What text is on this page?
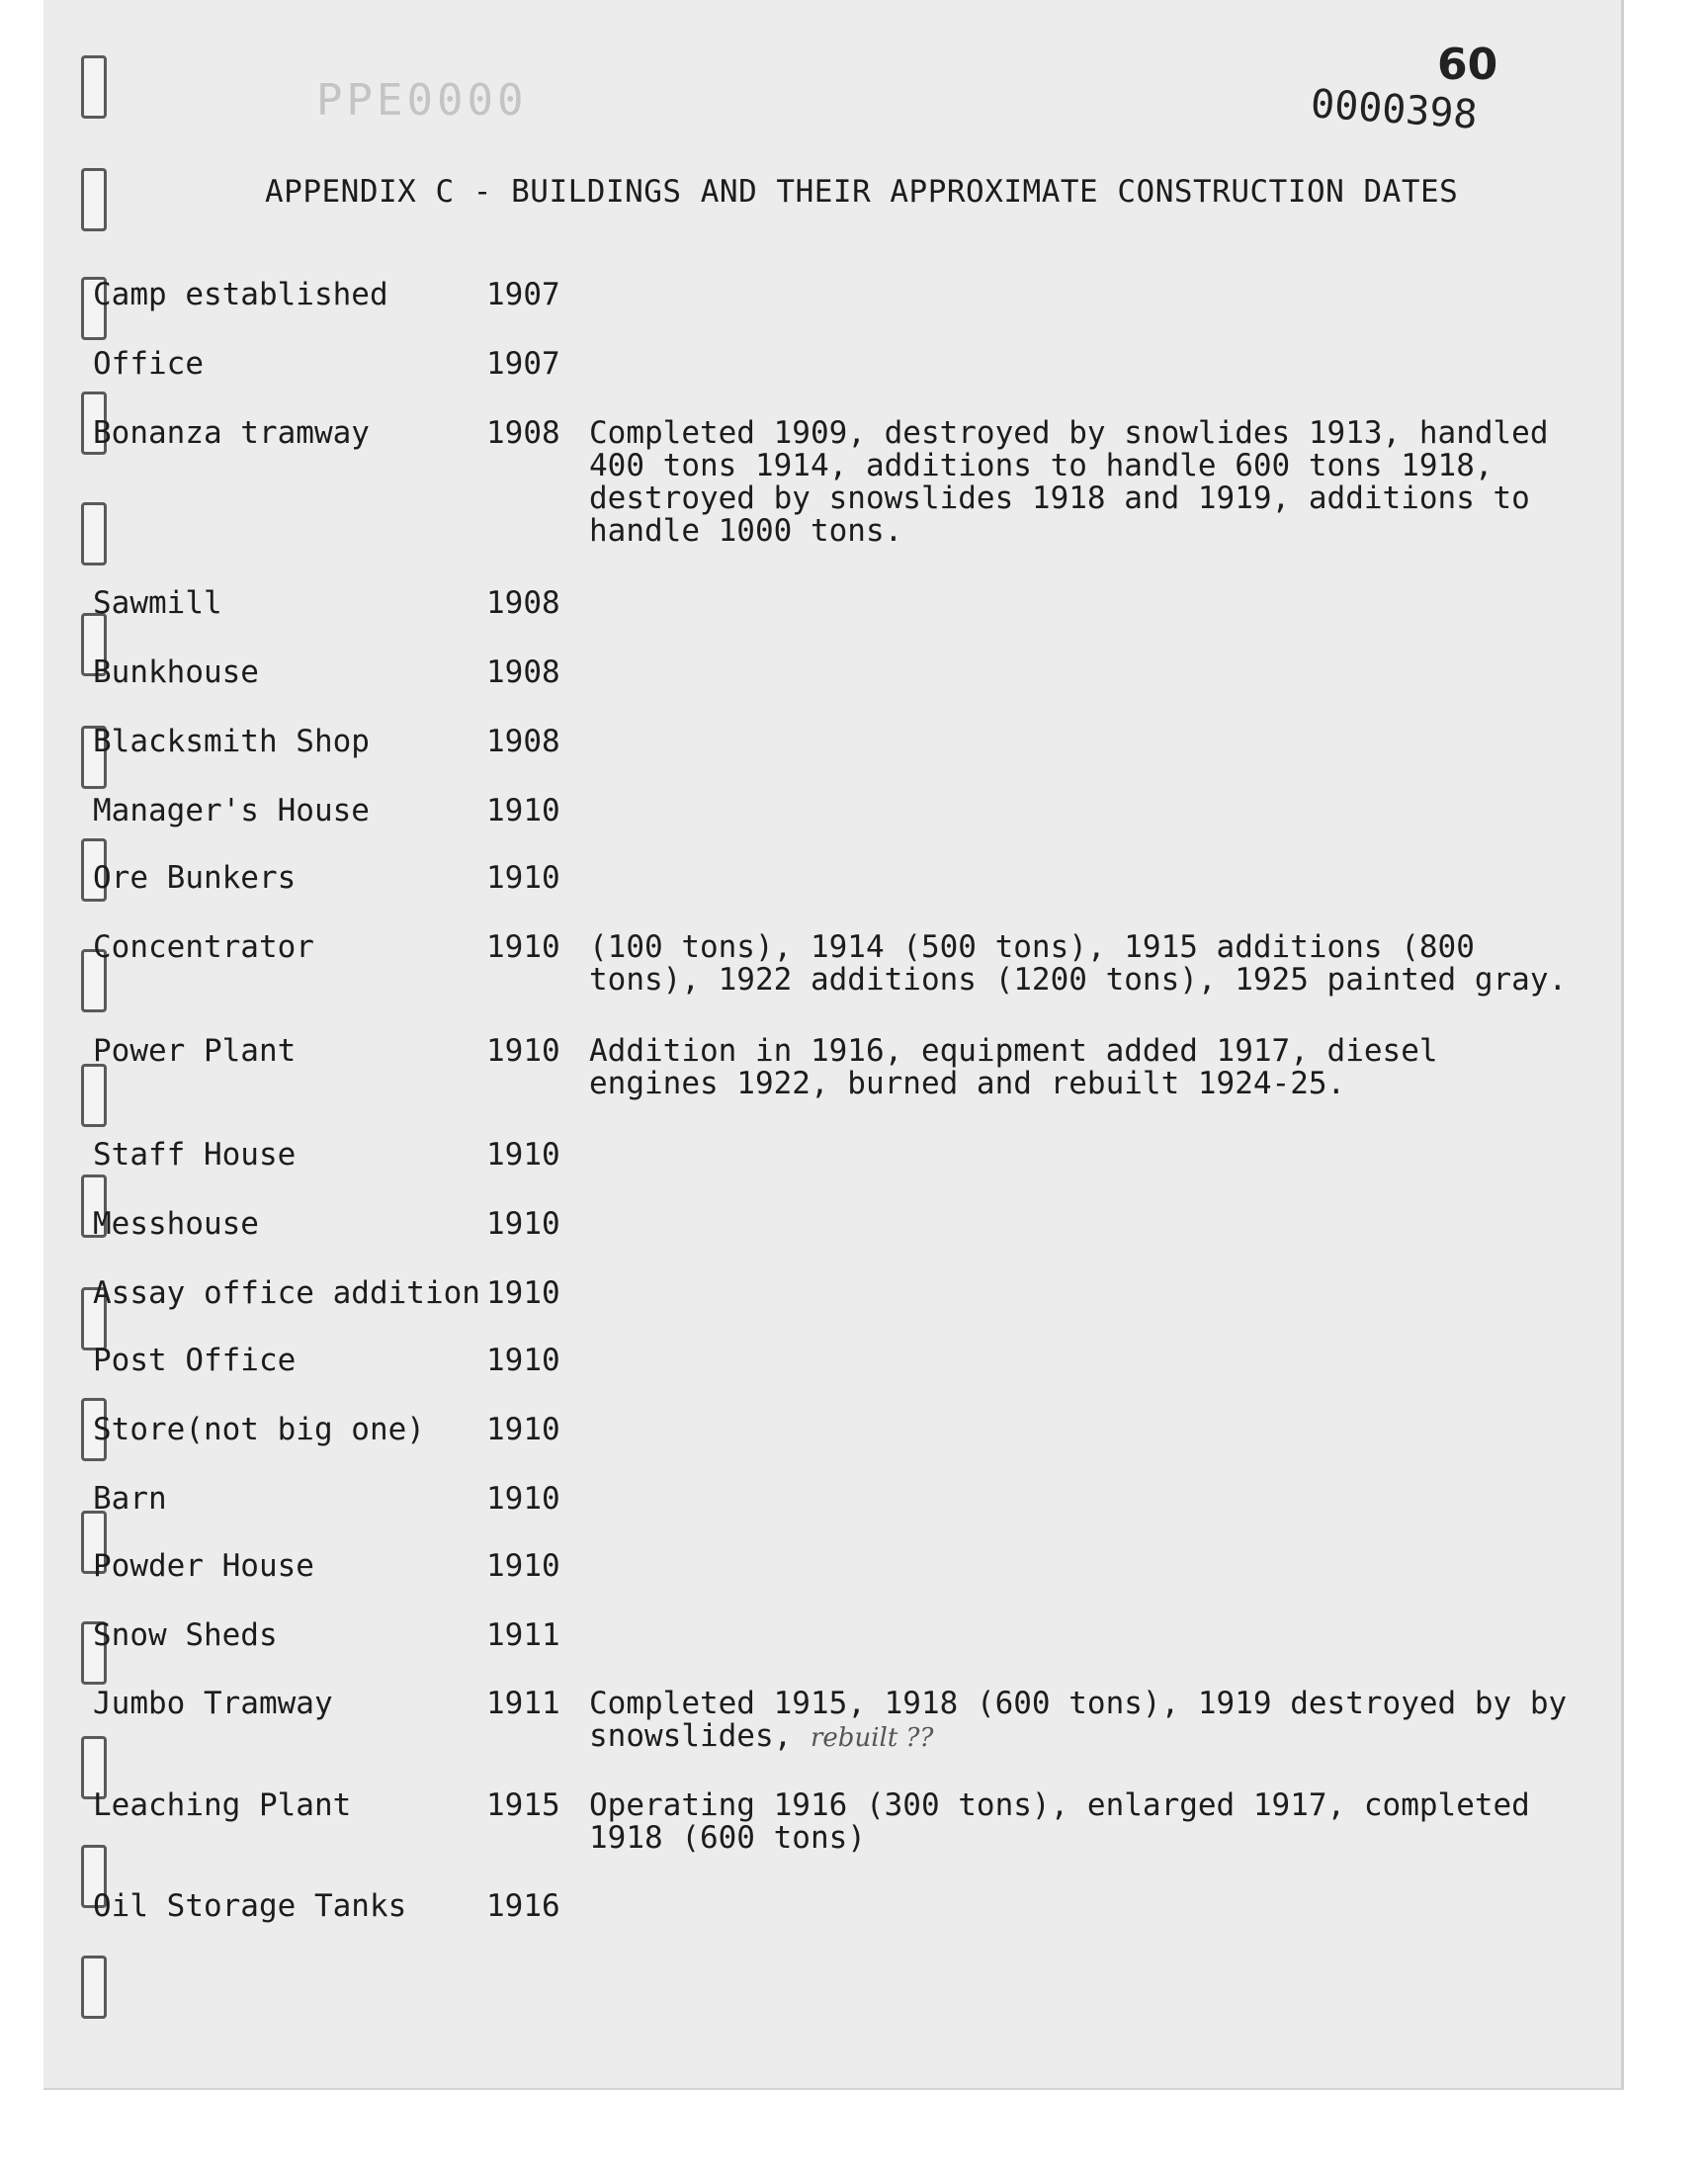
PPE0000
60
0000398
APPENDIX C - BUILDINGS AND THEIR APPROXIMATE CONSTRUCTION DATES
Camp established	1907
Office	1907
Bonanza tramway	1908 Completed 1909, destroyed by snowlides 1913, handled 400 tons 1914, additions to handle 600 tons 1918, destroyed by snowslides 1918 and 1919, additions to handle 1000 tons.
Sawmill	1908
Bunkhouse	1908
Blacksmith Shop	1908
Manager's House	1910
Ore Bunkers	1910
Concentrator	1910 (100 tons), 1914 (500 tons), 1915 additions (800 tons), 1922 additions (1200 tons), 1925 painted gray.
Power Plant	1910 Addition in 1916, equipment added 1917, diesel engines 1922, burned and rebuilt 1924-25.
Staff House	1910
Messhouse	1910
Assay office addition 1910
Post Office	1910
Store(not big one) 1910
Barn	1910
Powder House	1910
Snow Sheds	1911
Jumbo Tramway	1911 Completed 1915, 1918 (600 tons), 1919 destroyed by by snowslides, rebuilt ??
Leaching Plant	1915 Operating 1916 (300 tons), enlarged 1917, completed 1918 (600 tons)
Oil Storage Tanks	1916
